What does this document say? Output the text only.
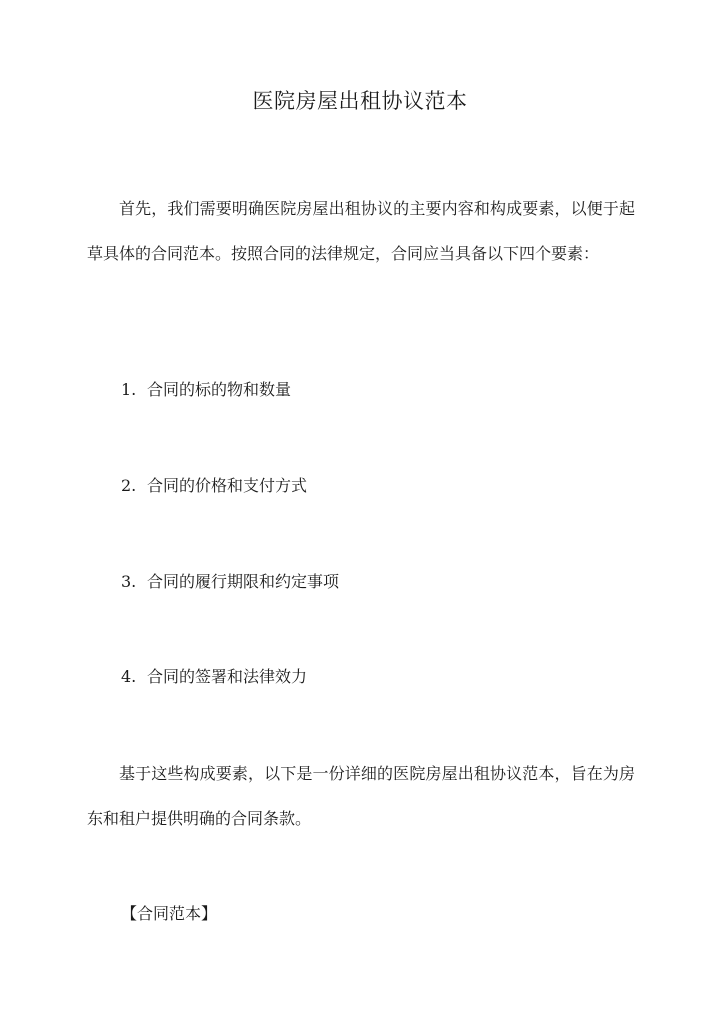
医院房屋出租协议范本

首先，我们需要明确医院房屋出租协议的主要内容和构成要素，以便于起草具体的合同范本。按照合同的法律规定，合同应当具备以下四个要素：

1. 合同的标的物和数量
2. 合同的价格和支付方式
3. 合同的履行期限和约定事项
4. 合同的签署和法律效力

基于这些构成要素，以下是一份详细的医院房屋出租协议范本，旨在为房东和租户提供明确的合同条款。

【合同范本】
